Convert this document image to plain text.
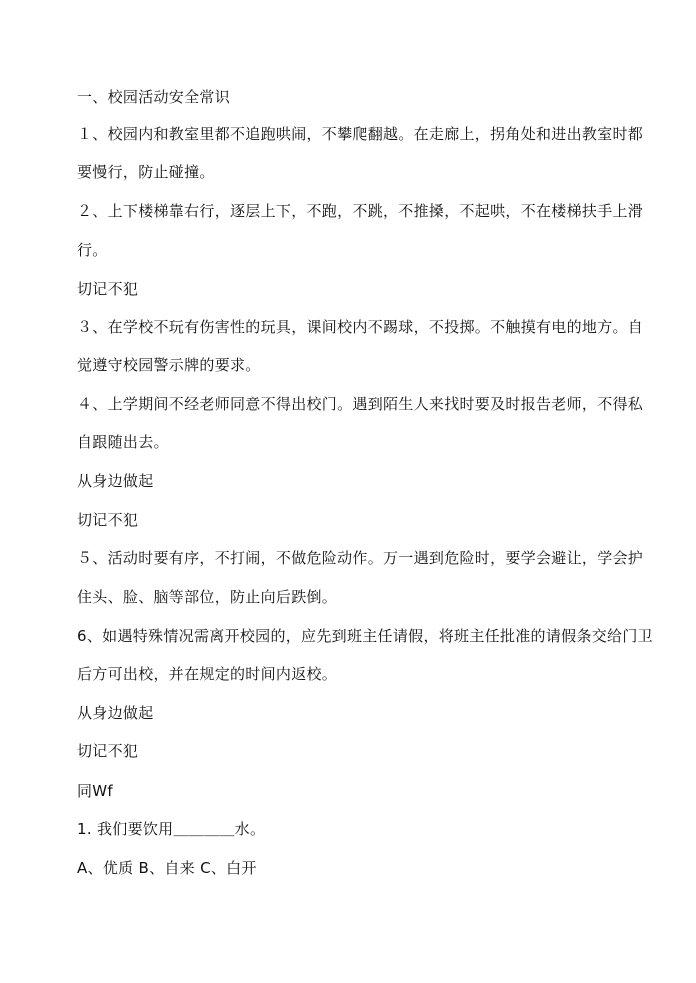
一、校园活动安全常识
１、校园内和教室里都不追跑哄闹，不攀爬翻越。在走廊上，拐角处和进出教室时都
要慢行，防止碰撞。
２、上下楼梯靠右行，逐层上下，不跑，不跳，不推搡，不起哄，不在楼梯扶手上滑
行。
切记不犯
３、在学校不玩有伤害性的玩具，课间校内不踢球，不投掷。不触摸有电的地方。自
觉遵守校园警示牌的要求。
４、上学期间不经老师同意不得出校门。遇到陌生人来找时要及时报告老师，不得私
自跟随出去。
从身边做起
切记不犯
５、活动时要有序，不打闹，不做危险动作。万一遇到危险时，要学会避让，学会护
住头、脸、脑等部位，防止向后跌倒。
6、如遇特殊情况需离开校园的，应先到班主任请假，将班主任批准的请假条交给门卫
后方可出校，并在规定的时间内返校。
从身边做起
切记不犯
同Wf
1. 我们要饮用＿＿＿＿水。
A、优质 B、自来 C、白开
